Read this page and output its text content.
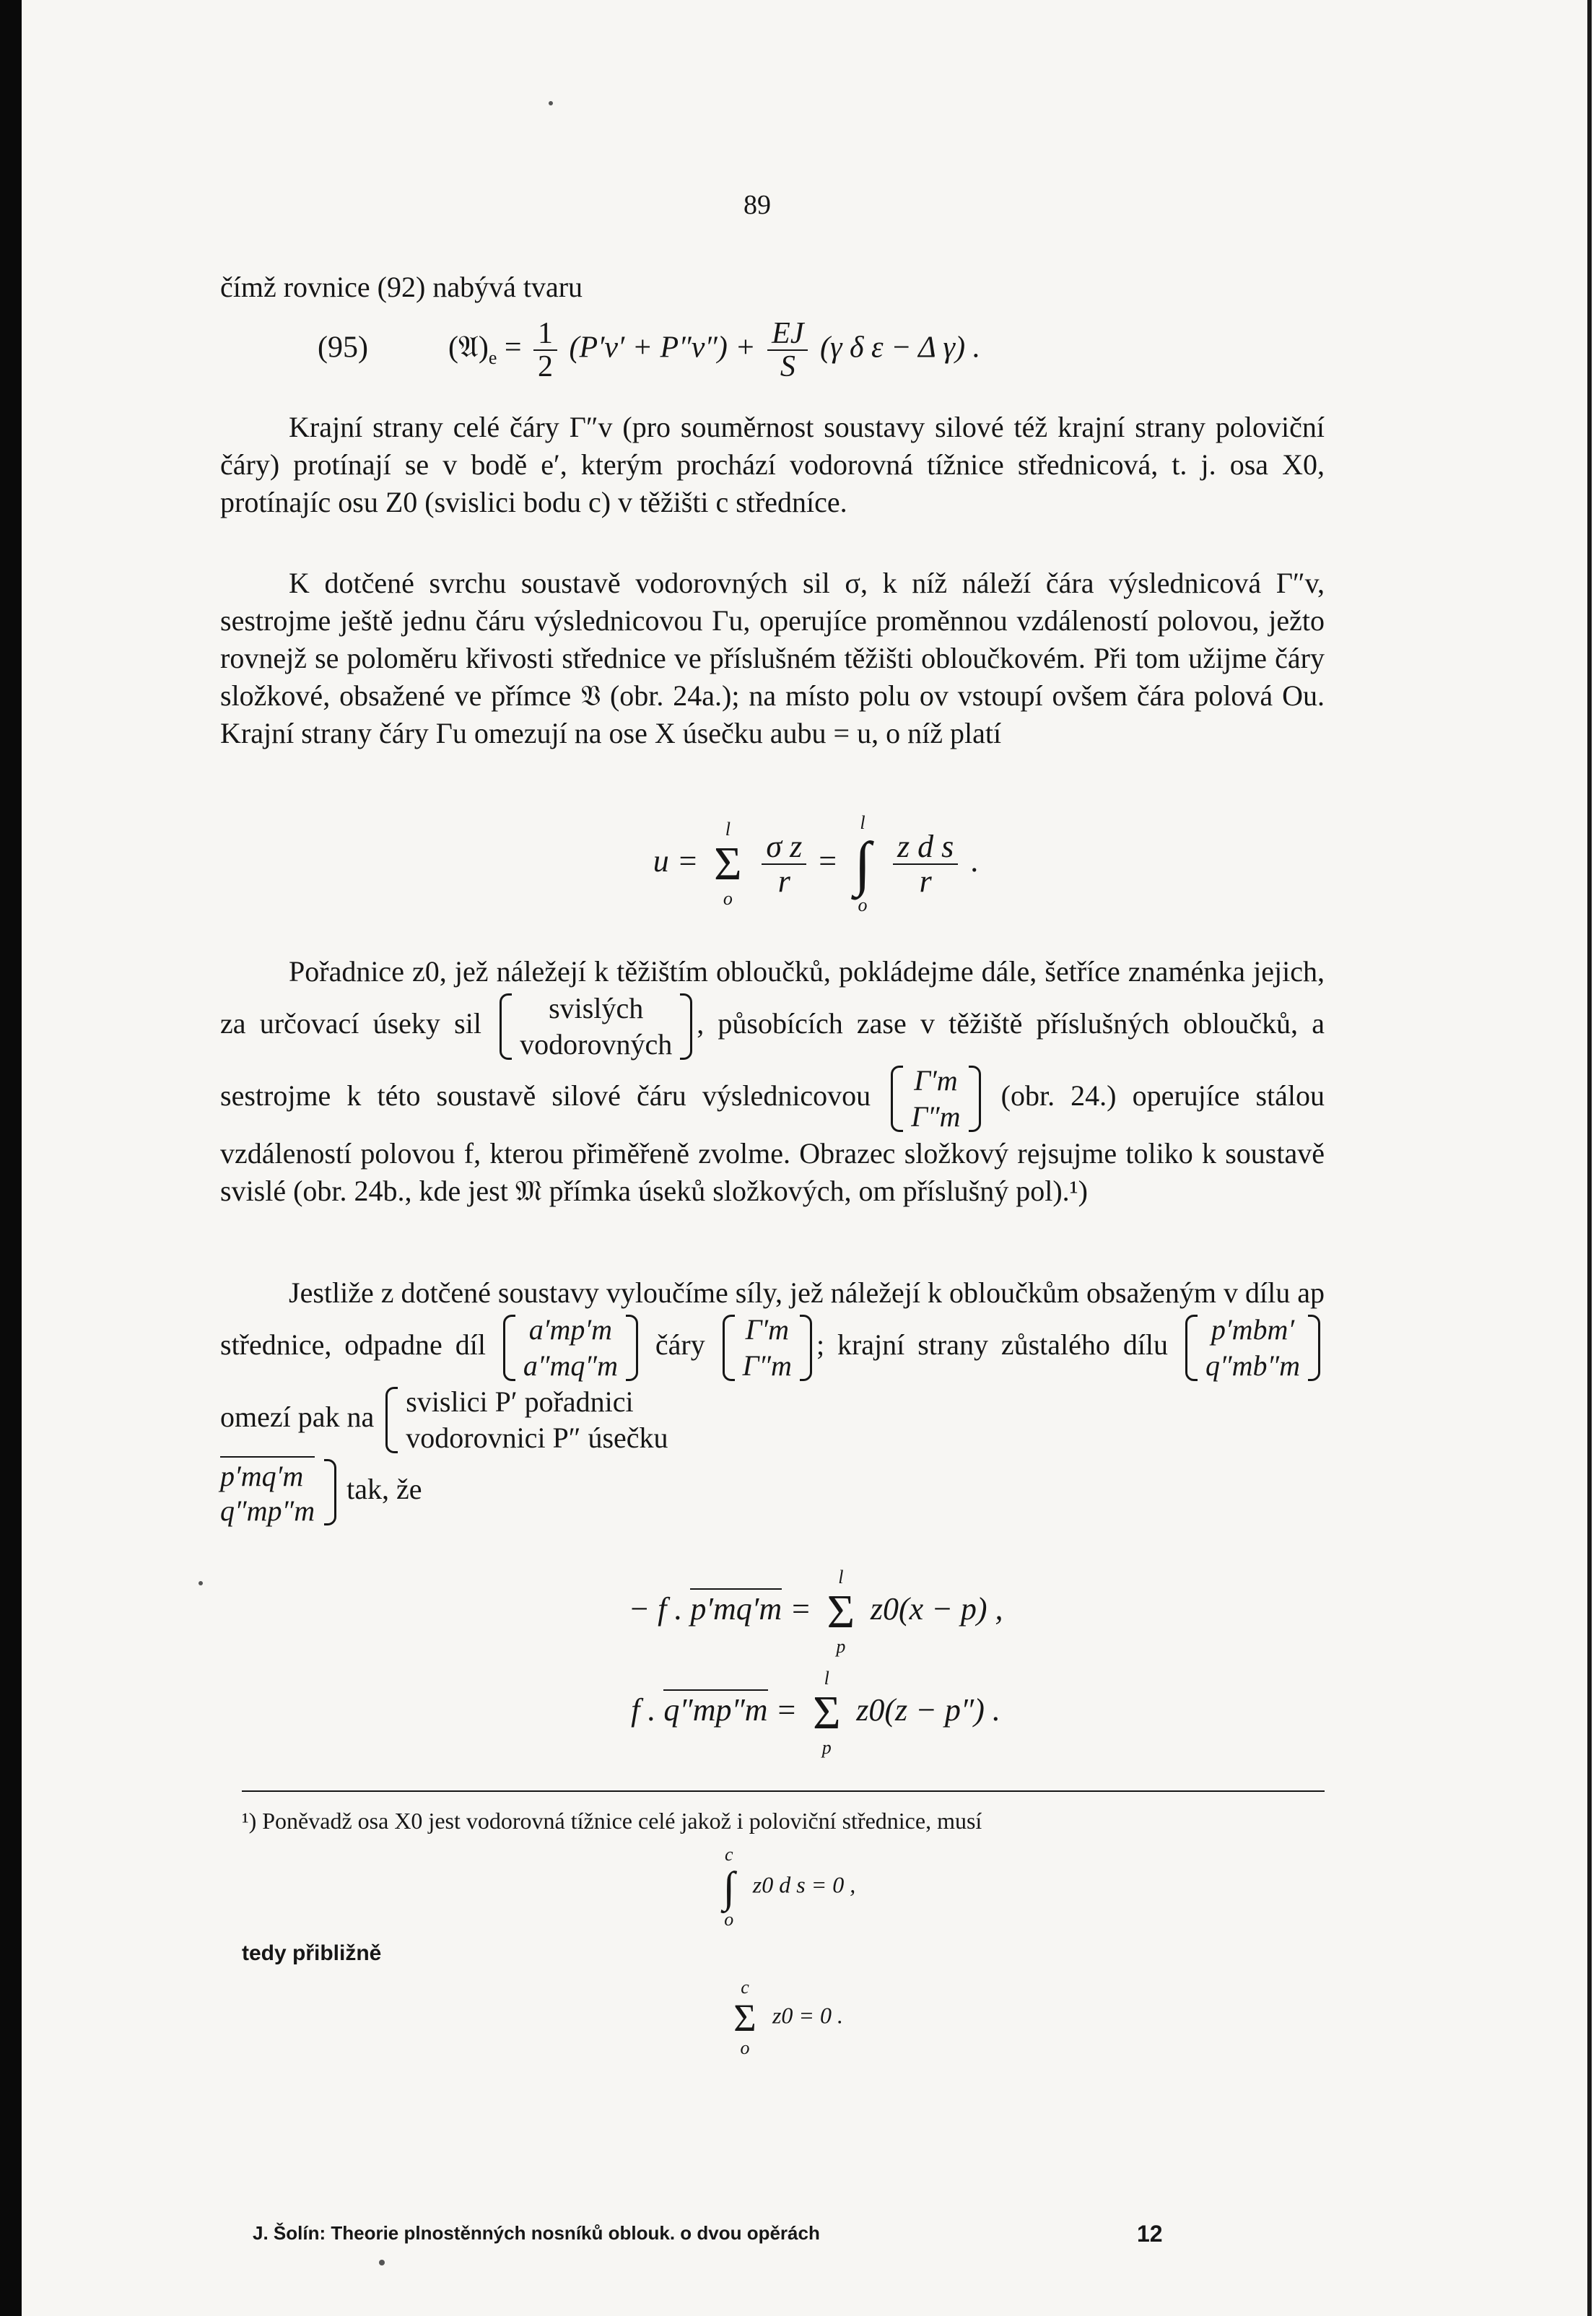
89
čímž rovnice (92) nabývá tvaru
(95)	$(𝔄)_e = \frac{1}{2} (P'v' + P''v'') + \frac{EJ}{S} (\gamma$ δ ε − Δ γ) .

Krajní strany celé čáry Γ″v (pro souměrnost soustavy silové též krajní strany poloviční čáry) protínají se v bodě e′, kterým prochází vodorovná tížnice střednicová, t. j. osa X0, protínajíc osu Z0 (svislici bodu c) v těžišti c středníce.

K dotčené svrchu soustavě vodorovných sil σ, k níž náleží čára výslednicová Γ″v, sestrojme ještě jednu čáru výslednicovou Γu, operujíce proměnnou vzdáleností polovou, ježto rovnejž se poloměru křivosti střednice ve příslušném těžišti obloučkovém. Při tom užijme čáry složkové, obsažené ve přímce 𝔙 (obr. 24a.); na místo polu ov vstoupí ovšem čára polová Ou. Krajní strany čáry Γu omezují na ose X úsečku aubu = u, o níž platí

u =
l
Σ
o

$\frac{\text{σ z}}{r}$ =
l
∫
o

$\frac{\text{z d s}}{r}$ .
Pořadnice z0, jež náležejí k těžištím obloučků, pokládejme dále, šetříce znaménka jejich, za určovací úseky sil	svislých
vodorovných
, působících zase v těžiště příslušných obloučků, a sestrojme k této soustavě silové čáru výslednicovou Γ′m
Γ″m
(obr. 24.) operujíce stálou vzdáleností polovou f, kterou přiměřeně zvolme. Obrazec složkový rejsujme toliko k soustavě svislé (obr. 24b., kde jest 𝔐 přímka úseků složkových, om příslušný pol).¹)
Jestliže z dotčené soustavy vyloučíme síly, jež náležejí k obloučkům obsaženým v dílu ap střednice, odpadne díl a′mp′m
a″mq″m
čáry Γ′m
Γ″m
; krajní strany zůstalého dílu p′mbm′
q″mb″m
omezí pak na svislici P′ pořadnici
vodorovnici P″ úsečku

p′mq′m
q″mp″m
tak, že
− f . p′mq′m =
l
Σ
p
z0(x − p) ,
f . q″mp″m =
l
Σ
p
z0(z − p″) .
¹) Poněvadž osa X0 jest vodorovná tížnice celé jakož i poloviční střednice, musí
c
∫
o
z0 d s = 0 ,
tedy přibližně
c
Σ
o
z0 = 0 .
J. Šolín: Theorie plnostěnných nosníků oblouk. o dvou opěrách	12
